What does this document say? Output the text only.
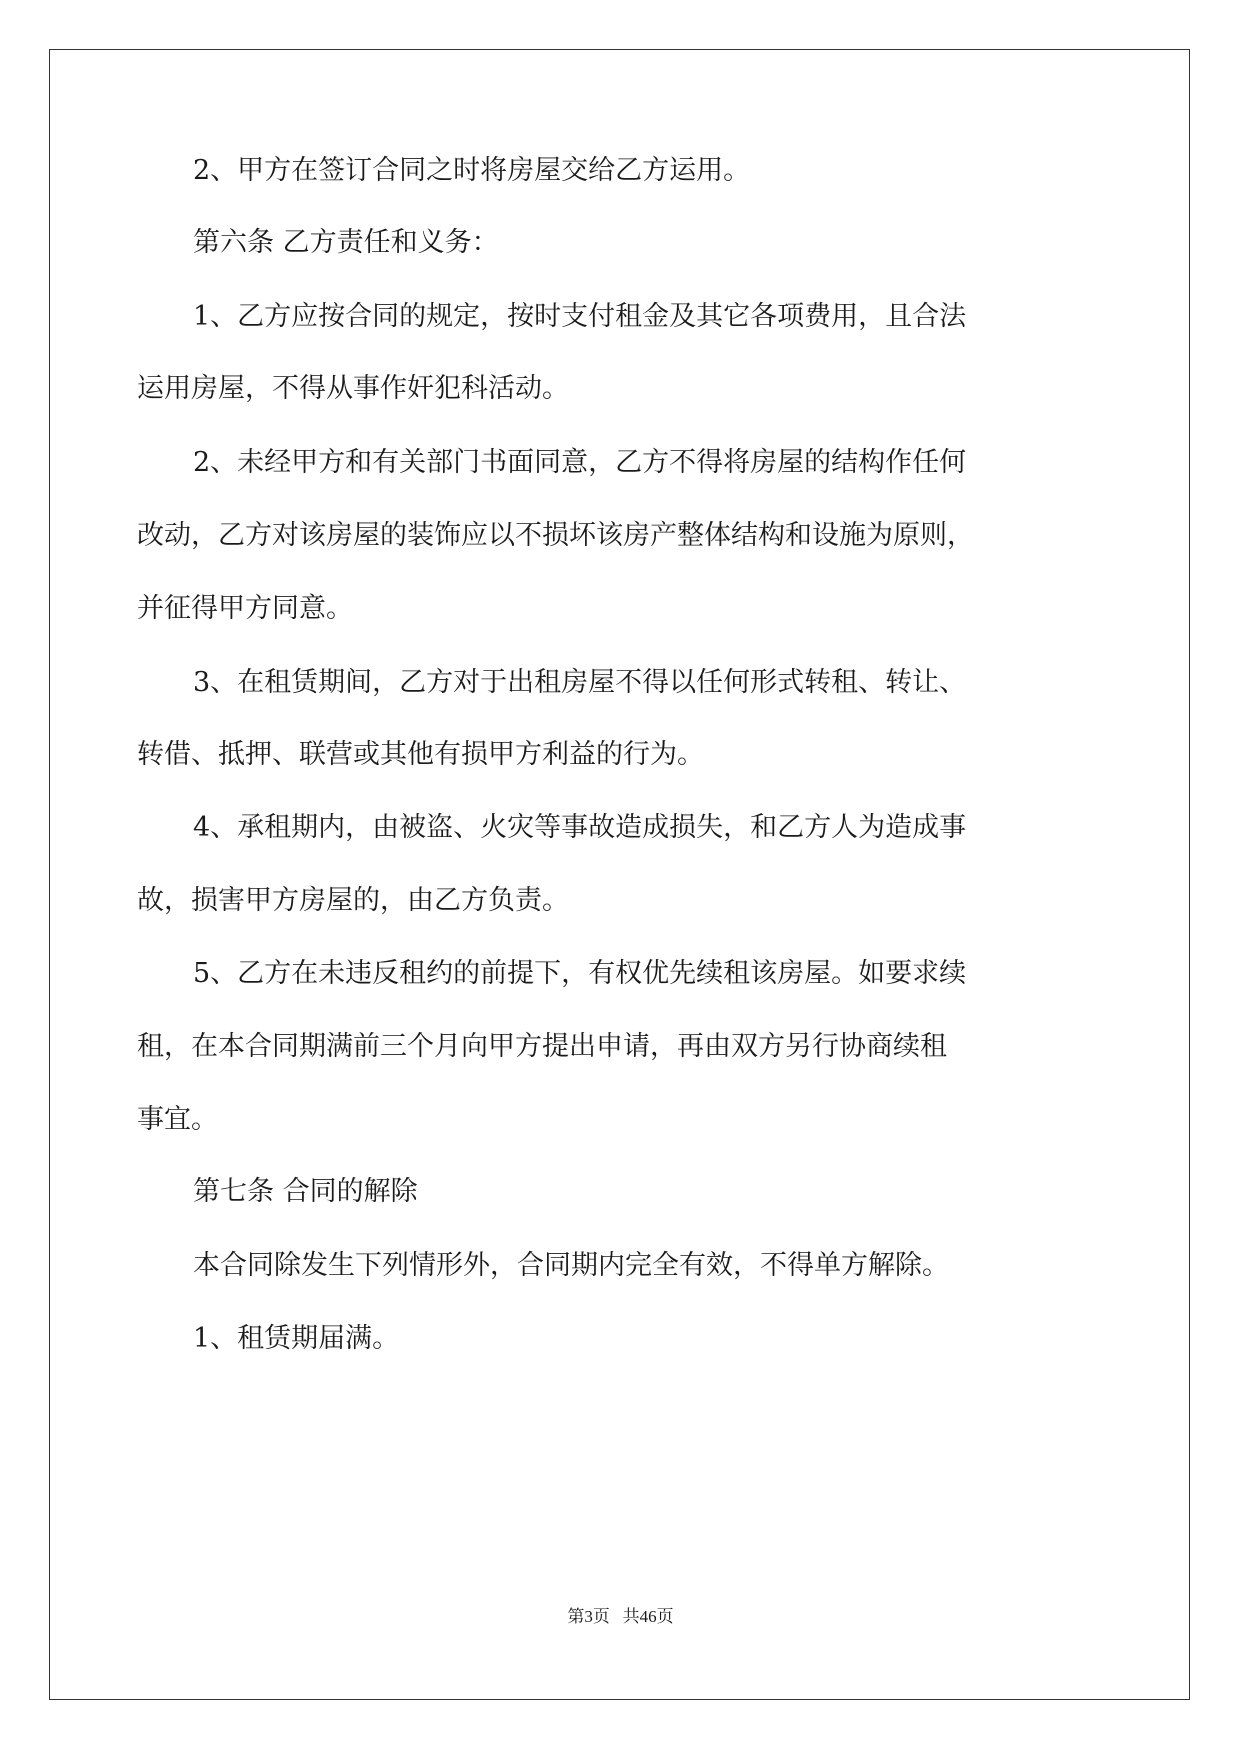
2、甲方在签订合同之时将房屋交给乙方运用。
第六条 乙方责任和义务：
1、乙方应按合同的规定，按时支付租金及其它各项费用，且合法
运用房屋，不得从事作奸犯科活动。
2、未经甲方和有关部门书面同意，乙方不得将房屋的结构作任何
改动，乙方对该房屋的装饰应以不损坏该房产整体结构和设施为原则，
并征得甲方同意。
3、在租赁期间，乙方对于出租房屋不得以任何形式转租、转让、
转借、抵押、联营或其他有损甲方利益的行为。
4、承租期内，由被盗、火灾等事故造成损失，和乙方人为造成事
故，损害甲方房屋的，由乙方负责。
5、乙方在未违反租约的前提下，有权优先续租该房屋。如要求续
租，在本合同期满前三个月向甲方提出申请，再由双方另行协商续租
事宜。
第七条 合同的解除
本合同除发生下列情形外，合同期内完全有效，不得单方解除。
1、租赁期届满。
第3页   共46页
